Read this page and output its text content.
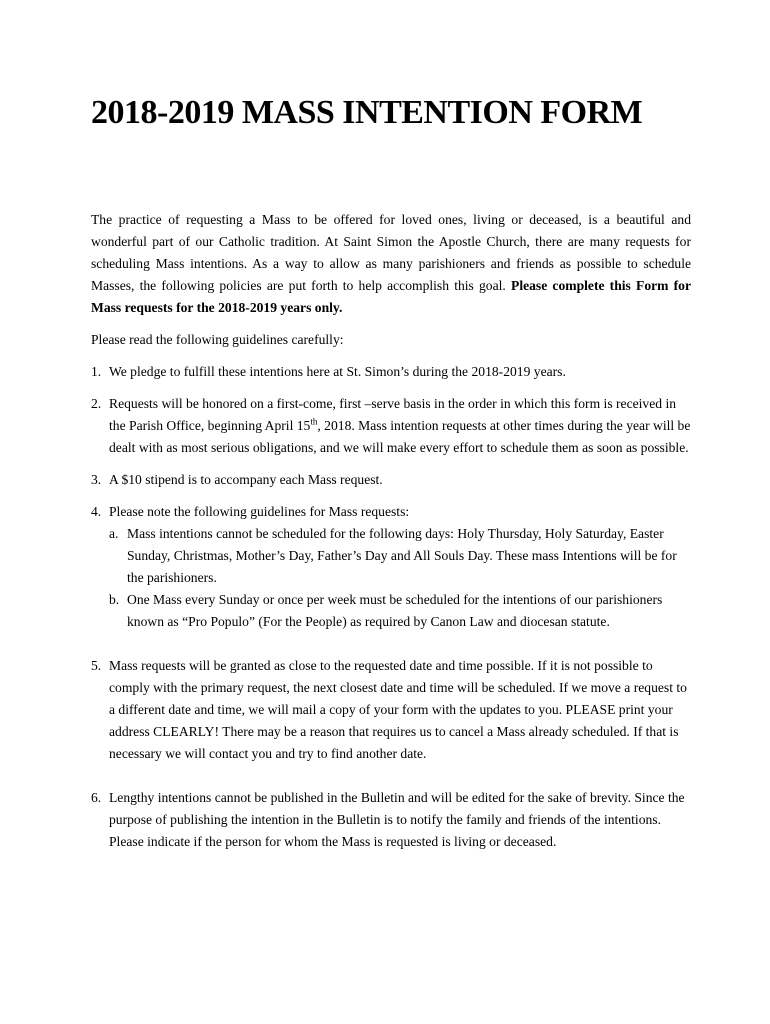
2018-2019 MASS INTENTION FORM

The practice of requesting a Mass to be offered for loved ones, living or deceased, is a beautiful and wonderful part of our Catholic tradition. At Saint Simon the Apostle Church, there are many requests for scheduling Mass intentions. As a way to allow as many parishioners and friends as possible to schedule Masses, the following policies are put forth to help accomplish this goal. Please complete this Form for Mass requests for the 2018-2019 years only.

Please read the following guidelines carefully:

1. We pledge to fulfill these intentions here at St. Simon’s during the 2018-2019 years.

2. Requests will be honored on a first-come, first –serve basis in the order in which this form is received in the Parish Office, beginning April 15th, 2018. Mass intention requests at other times during the year will be dealt with as most serious obligations, and we will make every effort to schedule them as soon as possible.

3. A $10 stipend is to accompany each Mass request.

4. Please note the following guidelines for Mass requests:

a. Mass intentions cannot be scheduled for the following days: Holy Thursday, Holy Saturday, Easter Sunday, Christmas, Mother’s Day, Father’s Day and All Souls Day. These mass Intentions will be for the parishioners.

b. One Mass every Sunday or once per week must be scheduled for the intentions of our parishioners known as “Pro Populo” (For the People) as required by Canon Law and diocesan statute.

5. Mass requests will be granted as close to the requested date and time possible. If it is not possible to comply with the primary request, the next closest date and time will be scheduled. If we move a request to a different date and time, we will mail a copy of your form with the updates to you. PLEASE print your address CLEARLY! There may be a reason that requires us to cancel a Mass already scheduled. If that is necessary we will contact you and try to find another date.

6. Lengthy intentions cannot be published in the Bulletin and will be edited for the sake of brevity. Since the purpose of publishing the intention in the Bulletin is to notify the family and friends of the intentions. Please indicate if the person for whom the Mass is requested is living or deceased.
